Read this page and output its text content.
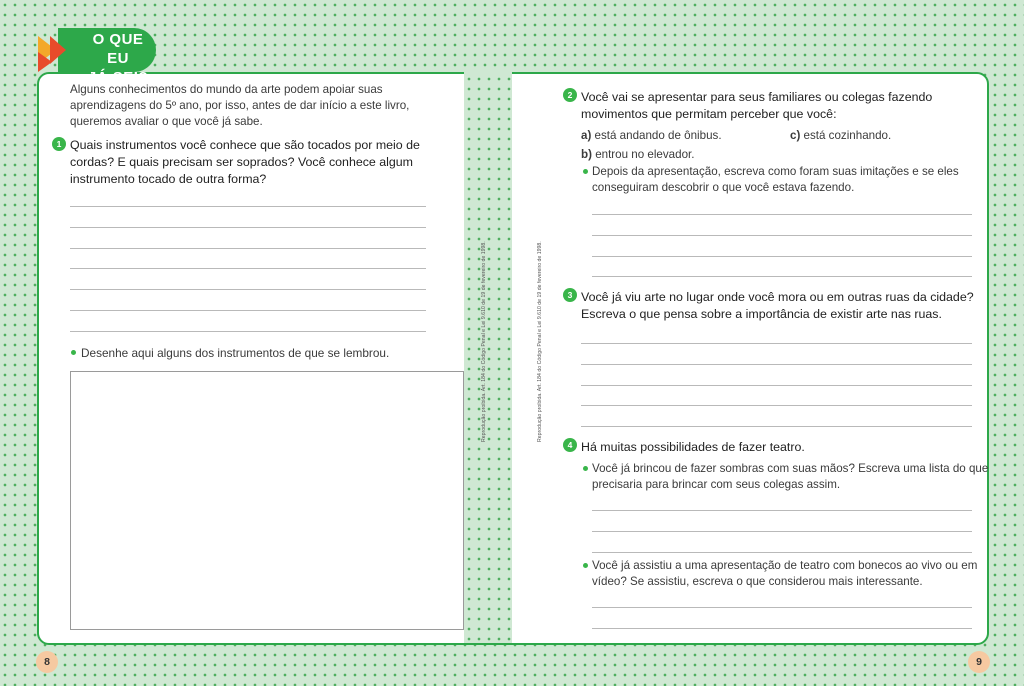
Reprodução proibida. Art. 184 do Código Penal e Lei 9.610 de 19 de fevereiro de 1998.	Reprodução proibida. Art. 184 do Código Penal e Lei 9.610 de 19 de fevereiro de 1998.
O QUE EU
JÁ SEI?
Alguns conhecimentos do mundo da arte podem apoiar suas
aprendizagens do 5º ano, por isso, antes de dar início a este livro,
queremos avaliar o que você já sabe.
1 Quais instrumentos você conhece que são tocados por meio de
cordas? E quais precisam ser soprados? Você conhece algum
instrumento tocado de outra forma?
Desenhe aqui alguns dos instrumentos de que se lembrou.
2 Você vai se apresentar para seus familiares ou colegas fazendo
movimentos que permitam perceber que você:
a) está andando de ônibus.	c) está cozinhando.
b) entrou no elevador.
Depois da apresentação, escreva como foram suas imitações e se eles
conseguiram descobrir o que você estava fazendo.
3 Você já viu arte no lugar onde você mora ou em outras ruas da cidade?
Escreva o que pensa sobre a importância de existir arte nas ruas.
4 Há muitas possibilidades de fazer teatro.
Você já brincou de fazer sombras com suas mãos? Escreva uma lista do que
precisaria para brincar com seus colegas assim.
Você já assistiu a uma apresentação de teatro com bonecos ao vivo ou em
vídeo? Se assistiu, escreva o que considerou mais interessante.
8	9
